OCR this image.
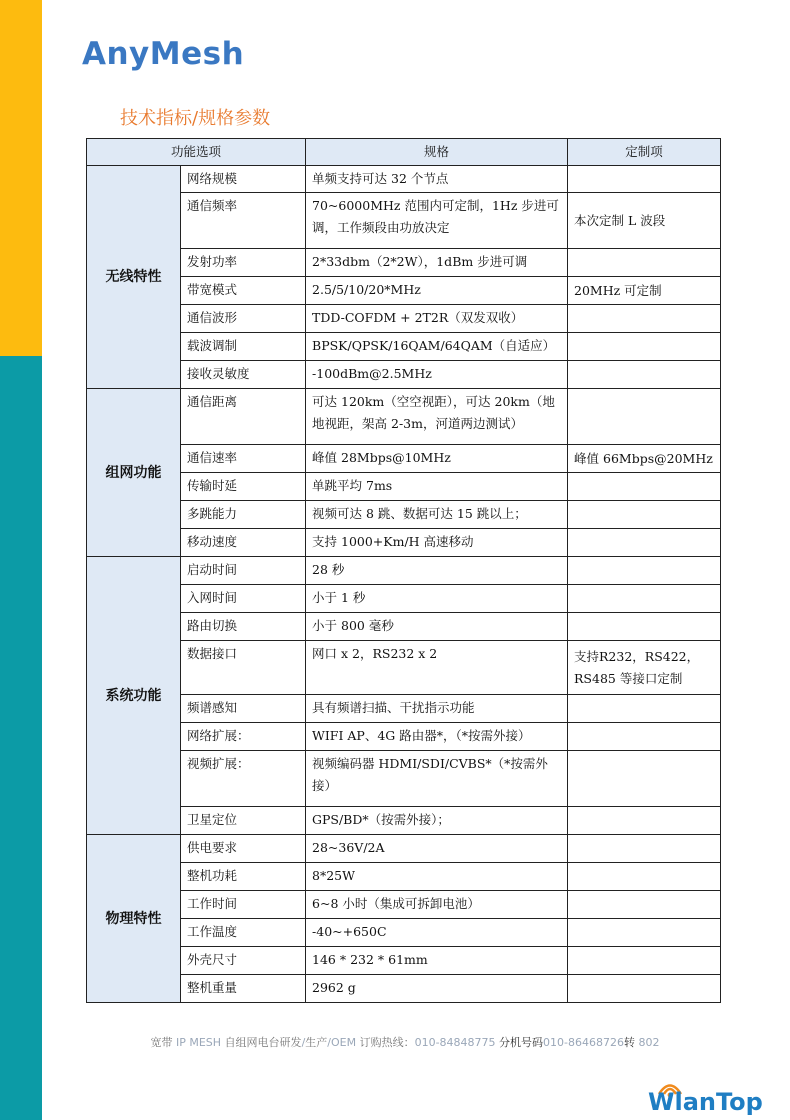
AnyMesh
技术指标/规格参数
功能选项		规格	定制项
无线特性	网络规模	单频支持可达 32 个节点	
	通信频率	70~6000MHz 范围内可定制，1Hz 步进可调，工作频段由功放决定	本次定制 L 波段
	发射功率	2*33dbm（2*2W），1dBm 步进可调	
	带宽模式	2.5/5/10/20*MHz	20MHz 可定制
	通信波形	TDD-COFDM + 2T2R（双发双收）	
	载波调制	BPSK/QPSK/16QAM/64QAM（自适应）	
	接收灵敏度	-100dBm@2.5MHz	
组网功能	通信距离	可达 120km（空空视距），可达 20km（地地视距，架高 2-3m，河道两边测试）	
	通信速率	峰值 28Mbps@10MHz	峰值 66Mbps@20MHz
	传输时延	单跳平均 7ms	
	多跳能力	视频可达 8 跳、数据可达 15 跳以上；	
	移动速度	支持 1000+Km/H 高速移动	
系统功能	启动时间	28 秒	
	入网时间	小于 1 秒	
	路由切换	小于 800 毫秒	
	数据接口	网口 x 2，RS232 x 2	支持R232，RS422，RS485 等接口定制
	频谱感知	具有频谱扫描、干扰指示功能	
	网络扩展：	WIFI AP、4G 路由器*，（*按需外接）	
	视频扩展：	视频编码器 HDMI/SDI/CVBS*（*按需外接）	
	卫星定位	GPS/BD*（按需外接）；	
物理特性	供电要求	28~36V/2A	
	整机功耗	8*25W	
	工作时间	6~8 小时（集成可拆卸电池）	
	工作温度	-40~+650C	
	外壳尺寸	146 * 232 * 61mm	
	整机重量	2962 g	
宽带 IP MESH 自组网电台研发/生产/OEM 订购热线：010-84848775 分机号码010-86468726转 802
WlanTop
